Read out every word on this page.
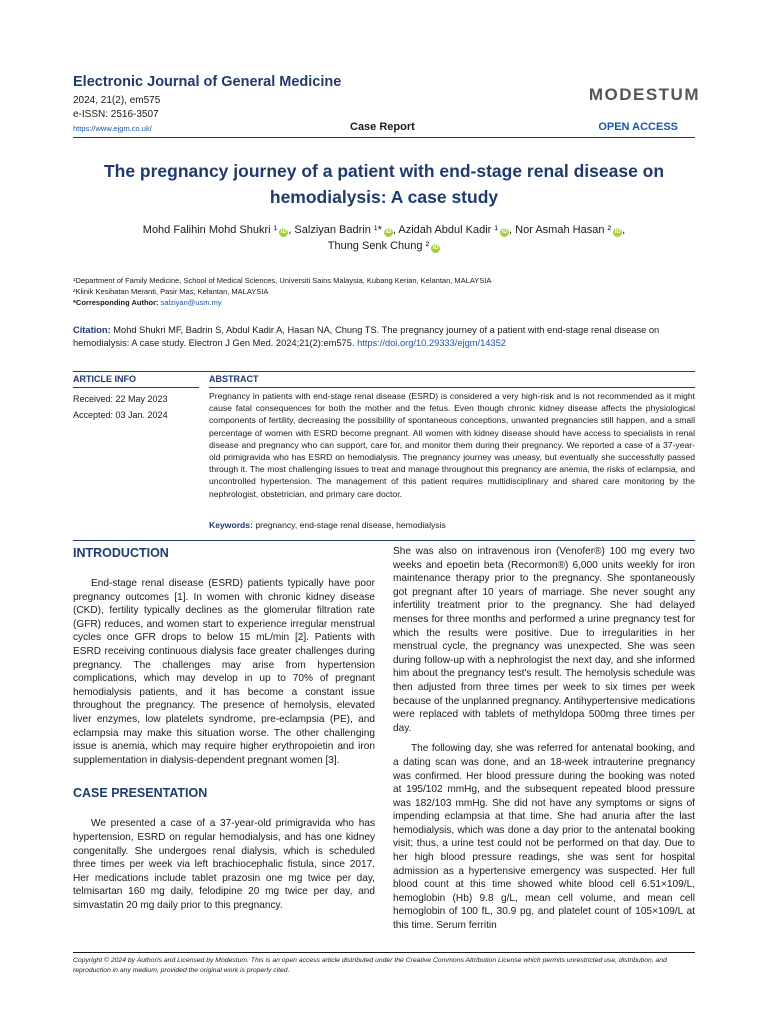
Electronic Journal of General Medicine
2024, 21(2), em575
e-ISSN: 2516-3507
https://www.ejgm.co.uk/
MODESTUM
Case Report	OPEN ACCESS
The pregnancy journey of a patient with end-stage renal disease on hemodialysis: A case study
Mohd Falihin Mohd Shukri ¹ iD , Salziyan Badrin ¹* iD , Azidah Abdul Kadir ¹ iD , Nor Asmah Hasan ² iD ,
Thung Senk Chung ² iD
¹Department of Family Medicine, School of Medical Sciences, Universiti Sains Malaysia, Kubang Kerian, Kelantan, MALAYSIA
²Klinik Kesihatan Meranti, Pasir Mas, Kelantan, MALAYSIA
*Corresponding Author: salziyan@usm.my
Citation: Mohd Shukri MF, Badrin S, Abdul Kadir A, Hasan NA, Chung TS. The pregnancy journey of a patient with end-stage renal disease on hemodialysis: A case study. Electron J Gen Med. 2024;21(2):em575. https://doi.org/10.29333/ejgm/14352
ARTICLE INFO	ABSTRACT
Received: 22 May 2023
Accepted: 03 Jan. 2024
Pregnancy in patients with end-stage renal disease (ESRD) is considered a very high-risk and is not recommended as it might cause fatal consequences for both the mother and the fetus. Even though chronic kidney disease affects the physiological components of fertility, decreasing the possibility of spontaneous conceptions, unwanted pregnancies still happen, and a small percentage of women with ESRD become pregnant. All women with kidney disease should have access to specialists in renal disease and pregnancy who can support, care for, and monitor them during their pregnancy. We reported a case of a 37-year-old primigravida who has ESRD on hemodialysis. The pregnancy journey was uneasy, but eventually she successfully passed through it. The most challenging issues to treat and manage throughout this pregnancy are anemia, the risks of eclampsia, and uncontrolled hypertension. The management of this patient requires multidisciplinary and shared care monitoring by the nephrologist, obstetrician, and primary care doctor.
Keywords: pregnancy, end-stage renal disease, hemodialysis
INTRODUCTION

End-stage renal disease (ESRD) patients typically have poor pregnancy outcomes [1]. In women with chronic kidney disease (CKD), fertility typically declines as the glomerular filtration rate (GFR) reduces, and women start to experience irregular menstrual cycles once GFR drops to below 15 mL/min [2]. Patients with ESRD receiving continuous dialysis face greater challenges during pregnancy. The challenges may arise from hypertension complications, which may develop in up to 70% of pregnant hemodialysis patients, and it has become a constant issue throughout the pregnancy. The presence of hemolysis, elevated liver enzymes, low platelets syndrome, pre-eclampsia (PE), and eclampsia may make this situation worse. The other challenging issue is anemia, which may require higher erythropoietin and iron supplementation in dialysis-dependent pregnant women [3].

CASE PRESENTATION

We presented a case of a 37-year-old primigravida who has hypertension, ESRD on regular hemodialysis, and has one kidney congenitally. She undergoes renal dialysis, which is scheduled three times per week via left brachiocephalic fistula, since 2017. Her medications include tablet prazosin one mg twice per day, telmisartan 160 mg daily, felodipine 20 mg twice per day, and simvastatin 20 mg daily prior to this pregnancy.

She was also on intravenous iron (Venofer®) 100 mg every two weeks and epoetin beta (Recormon®) 6,000 units weekly for iron maintenance therapy prior to the pregnancy. She spontaneously got pregnant after 10 years of marriage. She never sought any infertility treatment prior to the pregnancy. She had delayed menses for three months and performed a urine pregnancy test for which the results were positive. Due to irregularities in her menstrual cycle, the pregnancy was unexpected. She was seen during follow-up with a nephrologist the next day, and she informed him about the pregnancy test's result. The hemolysis schedule was then adjusted from three times per week to six times per week because of the unplanned pregnancy. Antihypertensive medications were replaced with tablets of methyldopa 500mg three times per day.

The following day, she was referred for antenatal booking, and a dating scan was done, and an 18-week intrauterine pregnancy was confirmed. Her blood pressure during the booking was noted at 195/102 mmHg, and the subsequent repeated blood pressure was 182/103 mmHg. She did not have any symptoms or signs of impending eclampsia at that time. She had anuria after the last hemodialysis, which was done a day prior to the antenatal booking visit; thus, a urine test could not be performed on that day. Due to her high blood pressure readings, she was sent for hospital admission as a hypertensive emergency was suspected. Her full blood count at this time showed white blood cell 6.51×109/L, hemoglobin (Hb) 9.8 g/L, mean cell volume, and mean cell hemoglobin of 100 fL, 30.9 pg, and platelet count of 105×109/L at this time. Serum ferritin

Copyright © 2024 by Author/s and Licensed by Modestum. This is an open access article distributed under the Creative Commons Attribution License which permits unrestricted use, distribution, and reproduction in any medium, provided the original work is properly cited.
